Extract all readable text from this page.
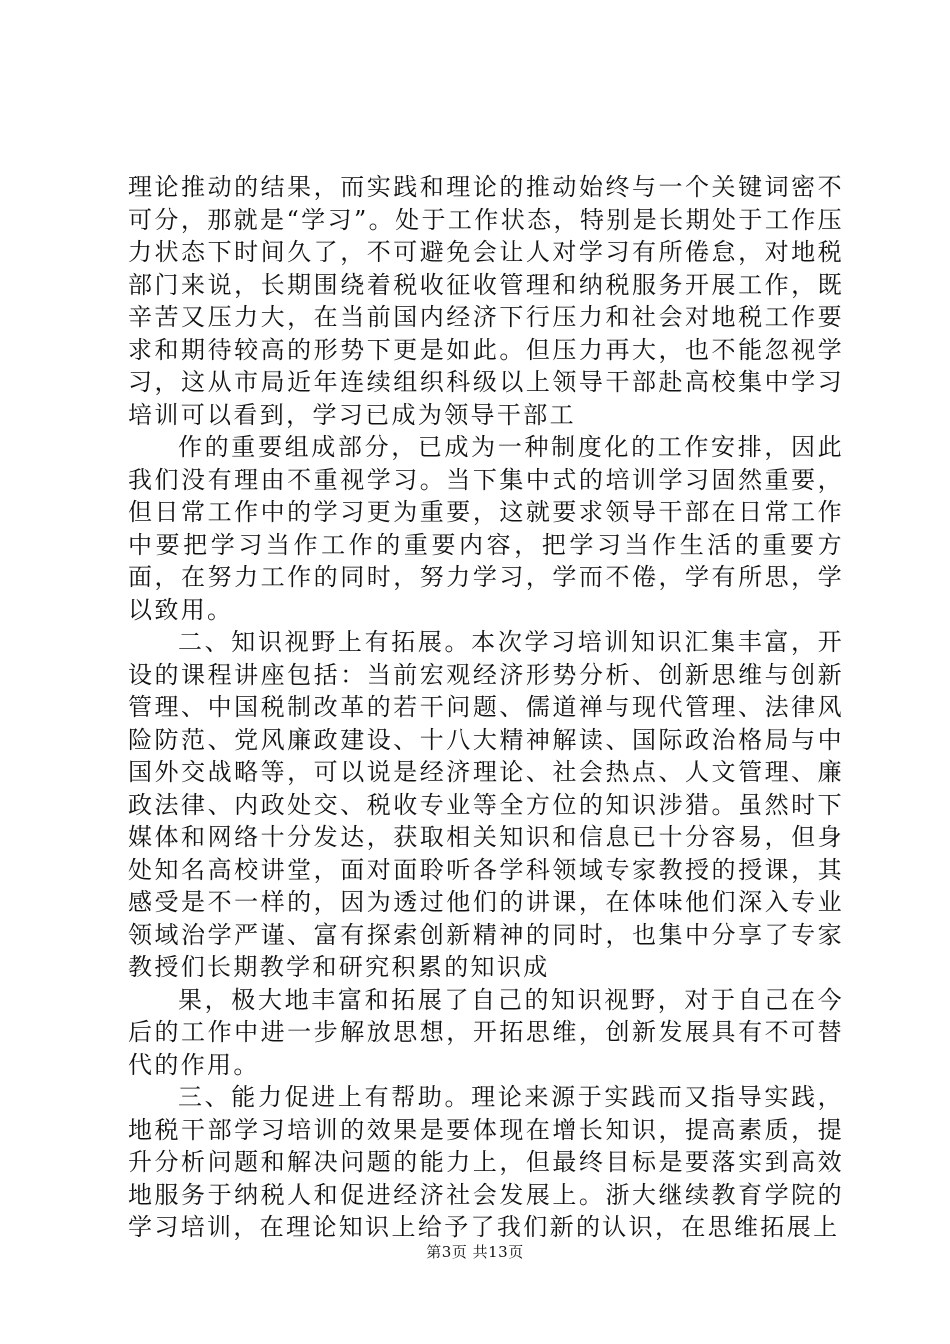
理论推动的结果，而实践和理论的推动始终与一个关键词密不可分，那就是“学习”。处于工作状态，特别是长期处于工作压力状态下时间久了，不可避免会让人对学习有所倦怠，对地税部门来说，长期围绕着税收征收管理和纳税服务开展工作，既辛苦又压力大，在当前国内经济下行压力和社会对地税工作要求和期待较高的形势下更是如此。但压力再大，也不能忽视学习，这从市局近年连续组织科级以上领导干部赴高校集中学习培训可以看到，学习已成为领导干部工

作的重要组成部分，已成为一种制度化的工作安排，因此我们没有理由不重视学习。当下集中式的培训学习固然重要，但日常工作中的学习更为重要，这就要求领导干部在日常工作中要把学习当作工作的重要内容，把学习当作生活的重要方面，在努力工作的同时，努力学习，学而不倦，学有所思，学以致用。

二、知识视野上有拓展。本次学习培训知识汇集丰富，开设的课程讲座包括：当前宏观经济形势分析、创新思维与创新管理、中国税制改革的若干问题、儒道禅与现代管理、法律风险防范、党风廉政建设、十八大精神解读、国际政治格局与中国外交战略等，可以说是经济理论、社会热点、人文管理、廉政法律、内政处交、税收专业等全方位的知识涉猎。虽然时下媒体和网络十分发达，获取相关知识和信息已十分容易，但身处知名高校讲堂，面对面聆听各学科领域专家教授的授课，其感受是不一样的，因为透过他们的讲课，在体味他们深入专业领域治学严谨、富有探索创新精神的同时，也集中分享了专家教授们长期教学和研究积累的知识成

果，极大地丰富和拓展了自己的知识视野，对于自己在今后的工作中进一步解放思想，开拓思维，创新发展具有不可替代的作用。

三、能力促进上有帮助。理论来源于实践而又指导实践，地税干部学习培训的效果是要体现在增长知识，提高素质，提升分析问题和解决问题的能力上，但最终目标是要落实到高效地服务于纳税人和促进经济社会发展上。浙大继续教育学院的学习培训，在理论知识上给予了我们新的认识，在思维拓展上

第3页 共13页
